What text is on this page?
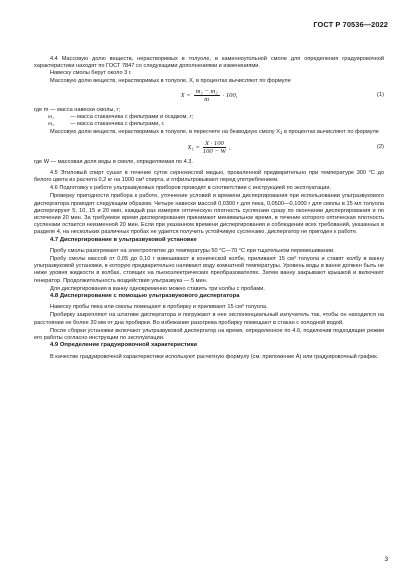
ГОСТ Р 70536—2022

4.4 Массовую долю веществ, нерастворимых в толуоле, в каменноугольной смоле для определения градуировочной характеристики находят по ГОСТ 7847 со следующими дополнениями и изменениями.

Навеску смолы берут около 3 г.

Массовую долю веществ, нерастворимых в толуоле, X, в процентах вычисляют по формуле

$X = \frac{\text{m₁ − m₂}}{m} \cdot 100$,	(1)

где m — масса навески смолы, г;

m₁	— масса стаканчика с фильтрами и осадком, г;

m₂	— масса стаканчика с фильтрами, г.

Массовую долю веществ, нерастворимых в толуоле, в пересчете на безводную смолу $X_1$ в процентах вычисляют по формуле

$X_1 = \frac{X \cdot 100}{100 - W}$ ,	(2)

где W — массовая доля воды в смоле, определяемая по 4.3.

4.5 Этиловый спирт сушат в течение суток сернокислой медью, прокаленной предварительно при температуре 300 °С до белого цвета из расчета 0,2 кг на 1000 см³ спирта, и отфильтровывают перед употреблением.

4.6 Подготовку к работе ультразвуковых приборов проводят в соответствии с инструкцией по эксплуатации.

Проверку пригодности прибора к работе, уточнение условий и времени диспергирования при использовании ультразвукового диспергатора проводят следующим образом. Четыре навески массой 0,0300 г для пека, 0,0500—0,1000 г для смолы в 15 мл толуола диспергируют 5, 10, 15 и 20 мин, каждый раз измеряя оптическую плотность суспензии сразу по окончании диспергирования и по истечении 20 мин. За требуемое время диспергирования принимают минимальное время, в течение которого оптическая плотность суспензии остается неизменной 20 мин. Если при указанном времени диспергирования и соблюдении всех требований, указанных в разделе 4, на нескольких различных пробах не удается получить устойчивую суспензию, диспергатор не пригоден к работе.

4.7 Диспергирование в ультразвуковой установке

Пробу смолы разогревают на электроплитке до температуры 50 °С—70 °С при тщательном перемешивании.

Пробу смолы массой от 0,05 до 0,10 г взвешивают в конической колбе, приливают 15 см³ толуола и ставят колбу в ванну ультразвуковой установки, в которую предварительно наливают воду комнатной температуры. Уровень воды в ванне должен быть не ниже уровня жидкости в колбах, стоящих на пьезоэлектрических преобразователях. Затем ванну закрывают крышкой и включают генератор. Продолжительность воздействия ультразвука — 5 мин.

Для диспергирования в ванну одновременно можно ставить три колбы с пробами.

4.8 Диспергирование с помощью ультразвукового диспергатора

Навеску пробы пека или смолы помещают в пробирку и приливают 15 см³ толуола.

Пробирку закрепляют на штативе диспергатора и погружают в нее экспоненциальный излучатель так, чтобы он находился на расстоянии не более 20 мм от дна пробирки. Во избежание разогрева пробирку помещают в стакан с холодной водой.

После сборки установки включают ультразвуковой диспергатор на время, определенное по 4.6, подключив подходящие режим его работы согласно инструкции по эксплуатации.

4.9 Определение градуировочной характеристики

В качестве градуировочной характеристики используют расчетную формулу (см. приложение А) или градуировочный график.

3
